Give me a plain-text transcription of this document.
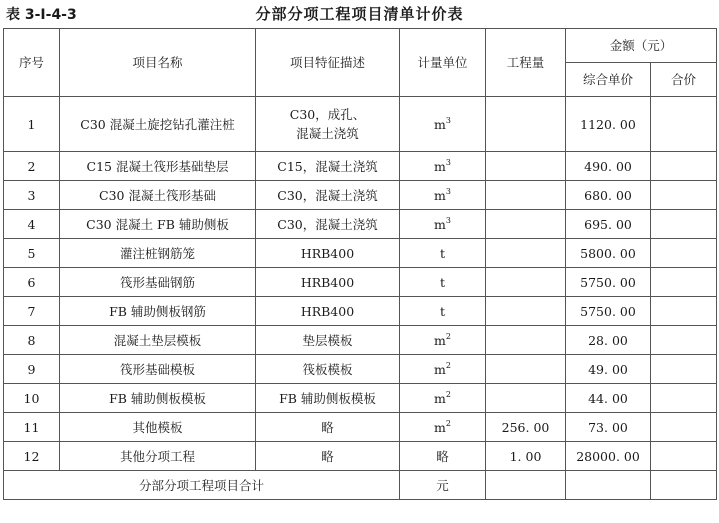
表 3-Ⅰ-4-3	分部分项工程项目清单计价表
序号	项目名称	项目特征描述	计量单位	工程量	金额（元）	
					综合单价	合价
1	C30 混凝土旋挖钻孔灌注桩	C30，成孔、
混凝土浇筑	$m^3$		1120. 00	
2	C15 混凝土筏形基础垫层	C15，混凝土浇筑	$m^3$		490. 00	
3	C30 混凝土筏形基础	C30，混凝土浇筑	$m^3$		680. 00	
4	C30 混凝土 FB 辅助侧板	C30，混凝土浇筑	$m^3$		695. 00	
5	灌注桩钢筋笼	HRB400	t		5800. 00	
6	筏形基础钢筋	HRB400	t		5750. 00	
7	FB 辅助侧板钢筋	HRB400	t		5750. 00	
8	混凝土垫层模板	垫层模板	$m^2$		28. 00	
9	筏形基础模板	筏板模板	$m^2$		49. 00	
10	FB 辅助侧板模板	FB 辅助侧板模板	$m^2$		44. 00	
11	其他模板	略	$m^2$	256. 00	73. 00	
12	其他分项工程	略	略	1. 00	28000. 00	
分部分项工程项目合计			元			
